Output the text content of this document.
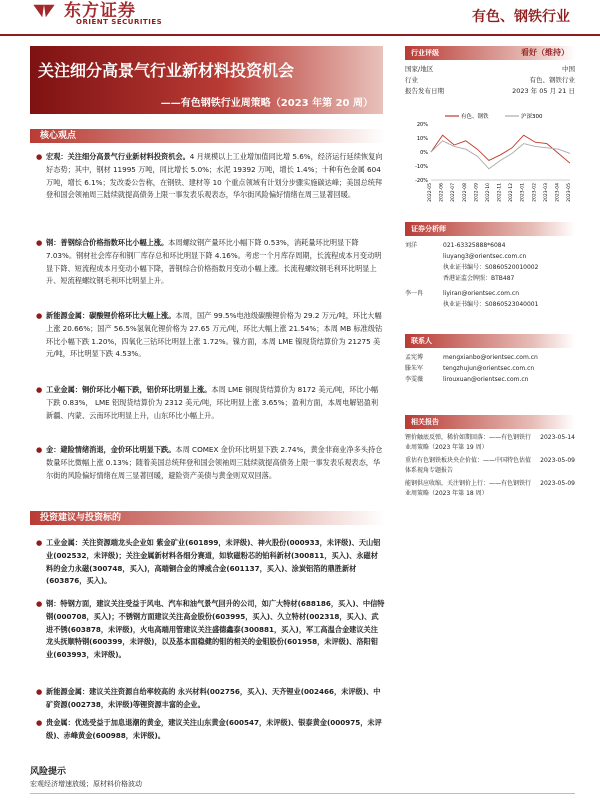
东方证券
ORIENT SECURITIES	有色、钢铁行业
关注细分高景气行业新材料投资机会
——有色钢铁行业周策略（2023 年第 20 周）
核心观点
● 宏观：关注细分高景气行业新材料投资机会。4 月规模以上工业增加值同比增 5.6%，经济运行延续恢复向好态势；其中，钢材 11995 万吨，同比增长 5.0%；水泥 19392 万吨，增长 1.4%；十种有色金属 604 万吨，增长 6.1%；发改委公告称，在钢铁、建材等 10 个重点领域有计划分步骤实施碳达峰；美国总统拜登和国会领袖周三陆续就提高债务上限一事发表乐观表态，华尔街风险偏好情绪在周三显著回暖。
● 钢：普钢综合价格指数环比小幅上涨。本周螺纹钢产量环比小幅下降 0.53%，消耗量环比明显下降 7.03%。钢材社会库存和钢厂库存总和环比明显下降 4.16%。考虑一个月库存周期，长流程成本月变动明显下降、短流程成本月变动小幅下降，普钢综合价格指数月变动小幅上涨。长流程螺纹钢毛利环比明显上升、短流程螺纹钢毛利环比明显上升。
● 新能源金属：碳酸锂价格环比大幅上涨。本周，国产 99.5%电池级碳酸锂价格为 29.2 万元/吨，环比大幅上涨 20.66%；国产 56.5%氢氧化锂价格为 27.65 万元/吨，环比大幅上涨 21.54%；本周 MB 标准级钴环比小幅下跌 1.20%，四氧化三钴环比明显上涨 1.72%。镍方面，本周 LME 镍现货结算价为 21275 美元/吨，环比明显下跌 4.53%。
● 工业金属：铜价环比小幅下跌，铝价环比明显上涨。本周 LME 铜现货结算价为 8172 美元/吨，环比小幅下跌 0.83%， LME 铝现货结算价为 2312 美元/吨，环比明显上涨 3.65%；盈利方面，本周电解铝盈利新疆、内蒙、云南环比明显上升，山东环比小幅上升。
● 金：避险情绪消退，金价环比明显下跌。本周 COMEX 金价环比明显下跌 2.74%，黄金非商业净多头持仓数量环比微幅上涨 0.13%；随着美国总统拜登和国会领袖周三陆续就提高债务上限一事发表乐观表态，华尔街的风险偏好情绪在周三显著回暖，避险资产美债与黄金则双双回落。
投资建议与投资标的
● 工业金属：关注资源端龙头企业如 紫金矿业(601899，未评级)、神火股份(000933，未评级)、天山铝业(002532，未评级)；关注金属新材料各细分赛道，如软磁粉芯的铂科新材(300811，买入)、永磁材料的金力永磁(300748，买入)，高端铜合金的博威合金(601137，买入)、涂炭铝箔的鼎胜新材(603876，买入)。
● 钢：特钢方面，建议关注受益于风电、汽车和油气景气回升的公司，如广大特材(688186，买入)、中信特钢(000708，买入)；不锈钢方面建议关注高金股份(603995，买入)、久立特材(002318，买入)、武进不锈(603878，未评级)，火电高端用管建议关注盛德鑫泰(300881，买入)，军工高温合金建议关注龙头抚顺特钢(600399，未评级)，以及基本面稳健的钼的相关的金钼股份(601958，未评级)、洛阳钼业(603993，未评级)。
● 新能源金属：建议关注资源自给率较高的 永兴材料(002756，买入)、天齐锂业(002466，未评级)、中矿资源(002738，未评级)等锂资源丰富的企业。
● 贵金属：优选受益于加息退潮的黄金，建议关注山东黄金(600547，未评级)、银泰黄金(000975，未评级)、赤峰黄金(600988，未评级)。
风险提示
宏观经济增速放缓；原材料价格波动
行业评级	看好（维持）
国家/地区	中国
行业	有色、钢铁行业
报告发布日期	2023 年 05 月 21 日
有色、钢铁	沪深300
20%
10%
0%
-10%
-20%
2022-05 2022-06 2022-07 2022-08 2022-09 2022-10 2022-11 2022-12 2023-01 2023-02 2023-03 2023-04 2023-05
证券分析师
刘洋	021-63325888*6084
liuyang3@orientsec.com.cn
执业证书编号：S0860520010002
香港证监会牌照：BTB487
李一冉	liyiran@orientsec.com.cn
执业证书编号：S0860523040001
联系人
孟宪博	mengxianbo@orientsec.com.cn
滕朱军	tengzhujun@orientsec.com.cn
李雯薇	lirouxuan@orientsec.com.cn
相关报告
锂价触底反弹，稀价如期回落：——有色钢铁行业周策略（2023 年第 19 周）
2023-05-14
重估有色钢铁板块央企价值：——中国特色估值体系视角专题报告
2023-05-09
能钢供应收缩，关注钢价上行：——有色钢铁行业周策略（2023 年第 18 周）
2023-05-09
